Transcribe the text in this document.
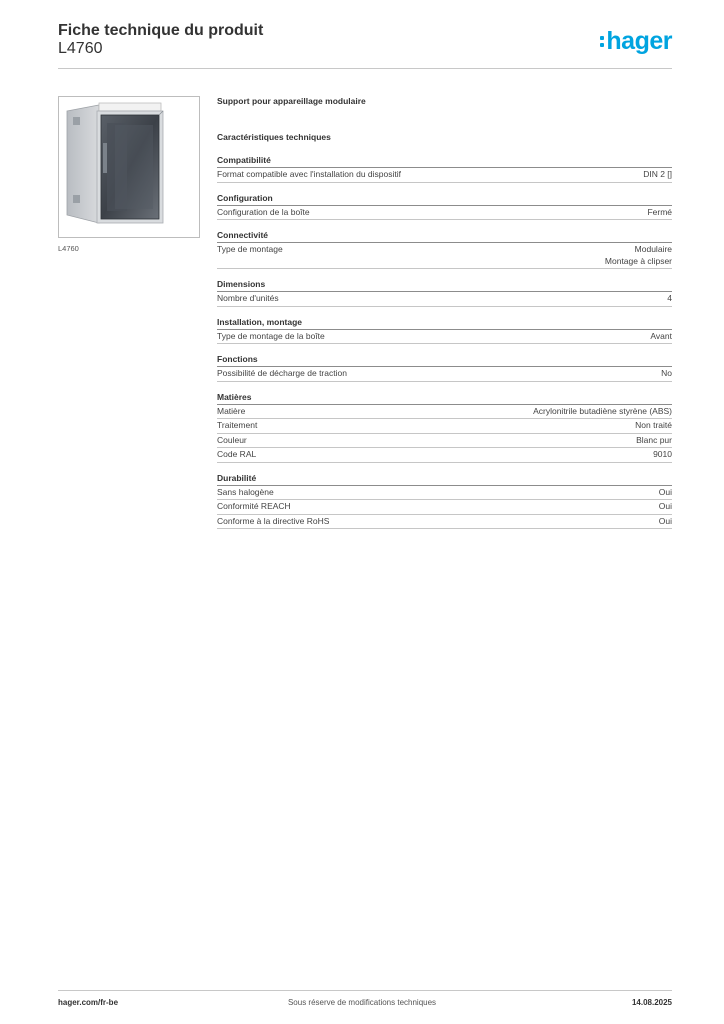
Fiche technique du produit
L4760	hager
L4760
Support pour appareillage modulaire
Caractéristiques techniques
Compatibilité
Format compatible avec l'installation du dispositif	DIN 2 []
Configuration
Configuration de la boîte	Fermé
Connectivité
Type de montage	Modulaire
Montage à clipser
Dimensions
Nombre d'unités	4
Installation, montage
Type de montage de la boîte	Avant
Fonctions
Possibilité de décharge de traction	No
Matières
Matière	Acrylonitrile butadiène styrène (ABS)
Traitement	Non traité
Couleur	Blanc pur
Code RAL	9010
Durabilité
Sans halogène	Oui
Conformité REACH	Oui
Conforme à la directive RoHS	Oui
hager.com/fr-be	Sous réserve de modifications techniques	14.08.2025
